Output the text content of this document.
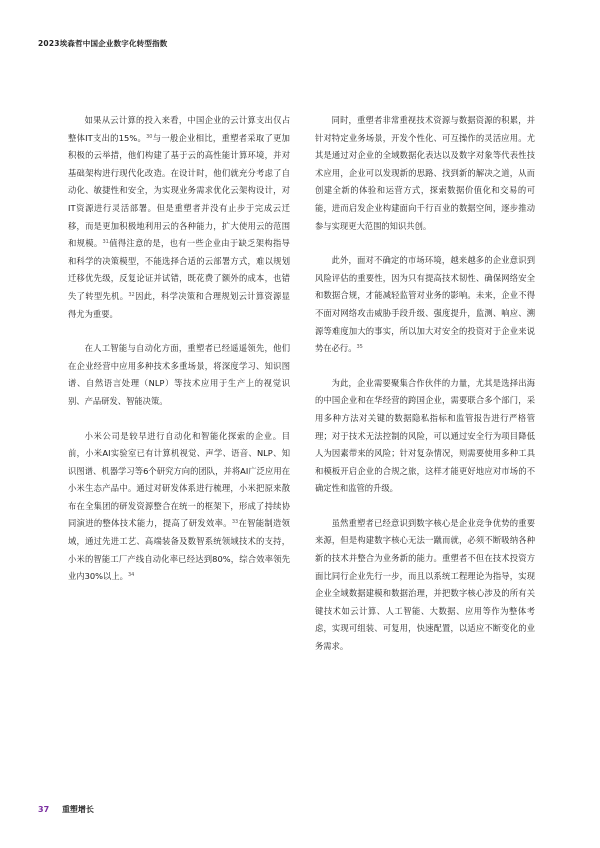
2023埃森哲中国企业数字化转型指数

如果从云计算的投入来看，中国企业的云计算支出仅占整体IT支出的15%。$^{30}$与一般企业相比，重塑者采取了更加积极的云举措，他们构建了基于云的高性能计算环境，并对基础架构进行现代化改造。在设计时，他们就充分考虑了自动化、敏捷性和安全，为实现业务需求优化云架构设计，对IT资源进行灵活部署。但是重塑者并没有止步于完成云迁移，而是更加积极地利用云的各种能力，扩大使用云的范围和规模。$^{31}$值得注意的是，也有一些企业由于缺乏架构指导和科学的决策模型，不能选择合适的云部署方式，难以规划迁移优先级，反复论证并试错，既花费了额外的成本，也错失了转型先机。$^{32}$因此，科学决策和合理规划云计算资源显得尤为重要。

在人工智能与自动化方面，重塑者已经遥遥领先，他们在企业经营中应用多种技术多重场景，将深度学习、知识图谱、自然语言处理（NLP）等技术应用于生产上的视觉识别、产品研发、智能决策。

小米公司是较早进行自动化和智能化探索的企业。目前，小米AI实验室已有计算机视觉、声学、语音、NLP、知识图谱、机器学习等6个研究方向的团队，并将AI广泛应用在小米生态产品中。通过对研发体系进行梳理，小米把原来散布在全集团的研发资源整合在统一的框架下，形成了持续协同演进的整体技术能力，提高了研发效率。$^{33}$在智能制造领域，通过先进工艺、高端装备及数智系统领域技术的支持，小米的智能工厂产线自动化率已经达到80%，综合效率领先业内30%以上。$^{34}$

同时，重塑者非常重视技术资源与数据资源的积累，并针对特定业务场景，开发个性化、可互操作的灵活应用。尤其是通过对企业的全域数据化表达以及数字对象等代表性技术应用，企业可以发现新的思路、找到新的解决之道，从而创建全新的体验和运营方式，探索数据价值化和交易的可能，进而启发企业构建面向千行百业的数据空间，逐步推动参与实现更大范围的知识共创。

此外，面对不确定的市场环境，越来越多的企业意识到风险评估的重要性，因为只有提高技术韧性、确保网络安全和数据合规，才能减轻监管对业务的影响。未来，企业不得不面对网络攻击威胁手段升级、强度提升，监测、响应、溯源等难度加大的事实，所以加大对安全的投资对于企业来说势在必行。$^{35}$

为此，企业需要聚集合作伙伴的力量，尤其是选择出海的中国企业和在华经营的跨国企业，需要联合多个部门，采用多种方法对关键的数据隐私指标和监管报告进行严格管理；对于技术无法控制的风险，可以通过安全行为项目降低人为因素带来的风险；针对复杂情况，则需要使用多种工具和模板开启企业的合规之旅，这样才能更好地应对市场的不确定性和监管的升级。

虽然重塑者已经意识到数字核心是企业竞争优势的重要来源，但是构建数字核心无法一蹴而就，必须不断吸纳各种新的技术并整合为业务新的能力。重塑者不但在技术投资方面比同行企业先行一步，而且以系统工程理论为指导，实现企业全域数据建模和数据治理，并把数字核心涉及的所有关键技术如云计算、人工智能、大数据、应用等作为整体考虑，实现可组装、可复用，快速配置，以适应不断变化的业务需求。

37 重塑增长
